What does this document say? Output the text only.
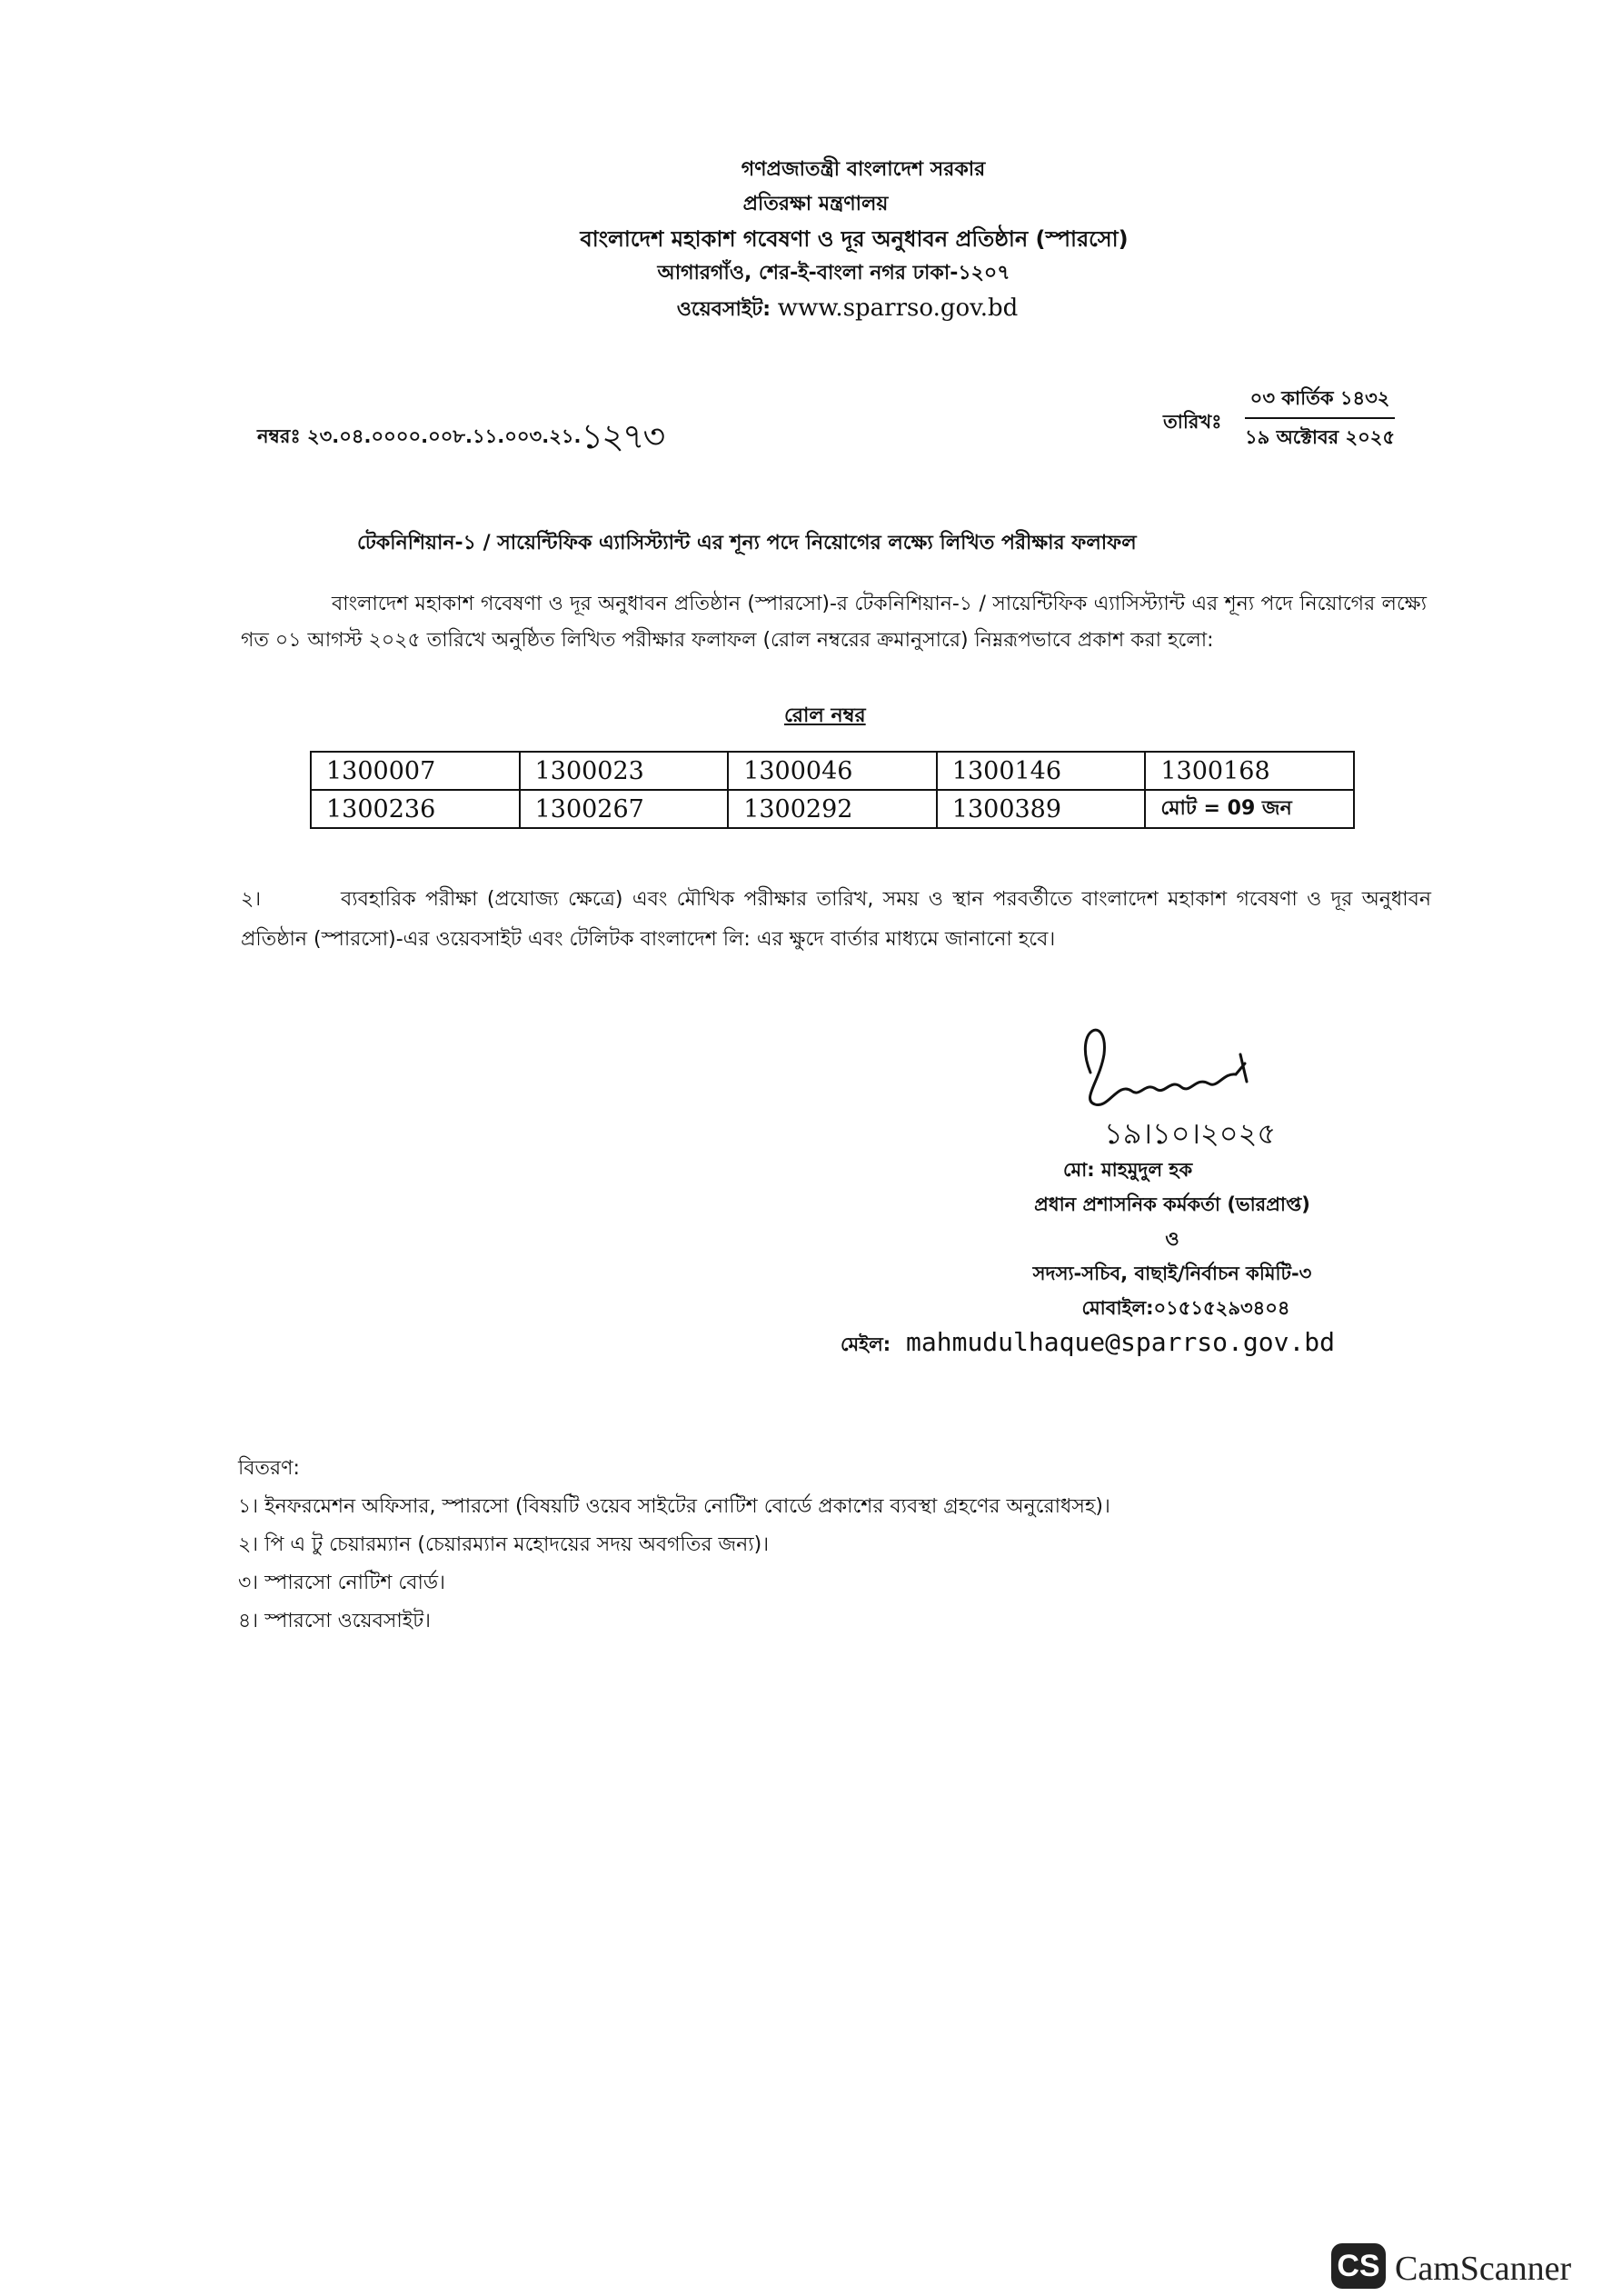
গণপ্রজাতন্ত্রী বাংলাদেশ সরকার
প্রতিরক্ষা মন্ত্রণালয়
বাংলাদেশ মহাকাশ গবেষণা ও দূর অনুধাবন প্রতিষ্ঠান (স্পারসো)
আগারগাঁও, শের-ই-বাংলা নগর ঢাকা-১২০৭
ওয়েবসাইট: www.sparrso.gov.bd
নম্বরঃ ২৩.০৪.০০০০.০০৮.১১.০০৩.২১.১২৭৩	তারিখঃ
০৩ কার্তিক ১৪৩২
১৯ অক্টোবর ২০২৫
টেকনিশিয়ান-১ / সায়েন্টিফিক এ্যাসিস্ট্যান্ট এর শূন্য পদে নিয়োগের লক্ষ্যে লিখিত পরীক্ষার ফলাফল
বাংলাদেশ মহাকাশ গবেষণা ও দূর অনুধাবন প্রতিষ্ঠান (স্পারসো)-র টেকনিশিয়ান-১ / সায়েন্টিফিক এ্যাসিস্ট্যান্ট এর শূন্য পদে নিয়োগের লক্ষ্যে গত ০১ আগস্ট ২০২৫ তারিখে অনুষ্ঠিত লিখিত পরীক্ষার ফলাফল (রোল নম্বরের ক্রমানুসারে) নিম্নরূপভাবে প্রকাশ করা হলো:
রোল নম্বর
1300007	1300023	1300046	1300146	1300168
1300236	1300267	1300292	1300389	মোট = 09 জন
২।	ব্যবহারিক পরীক্ষা (প্রযোজ্য ক্ষেত্রে) এবং মৌখিক পরীক্ষার তারিখ, সময় ও স্থান পরবর্তীতে বাংলাদেশ মহাকাশ গবেষণা ও দূর অনুধাবন প্রতিষ্ঠান (স্পারসো)-এর ওয়েবসাইট এবং টেলিটক বাংলাদেশ লি: এর ক্ষুদে বার্তার মাধ্যমে জানানো হবে।
১৯।১০।২০২৫
মো: মাহমুদুল হক
প্রধান প্রশাসনিক কর্মকর্তা (ভারপ্রাপ্ত)
ও
সদস্য-সচিব, বাছাই/নির্বাচন কমিটি-৩
মোবাইল:০১৫১৫২৯৩৪০৪
মেইল: mahmudulhaque@sparrso.gov.bd
বিতরণ:
১। ইনফরমেশন অফিসার, স্পারসো (বিষয়টি ওয়েব সাইটের নোটিশ বোর্ডে প্রকাশের ব্যবস্থা গ্রহণের অনুরোধসহ)।
২। পি এ টু চেয়ারম্যান (চেয়ারম্যান মহোদয়ের সদয় অবগতির জন্য)।
৩। স্পারসো নোটিশ বোর্ড।
৪। স্পারসো ওয়েবসাইট।
CS CamScanner
